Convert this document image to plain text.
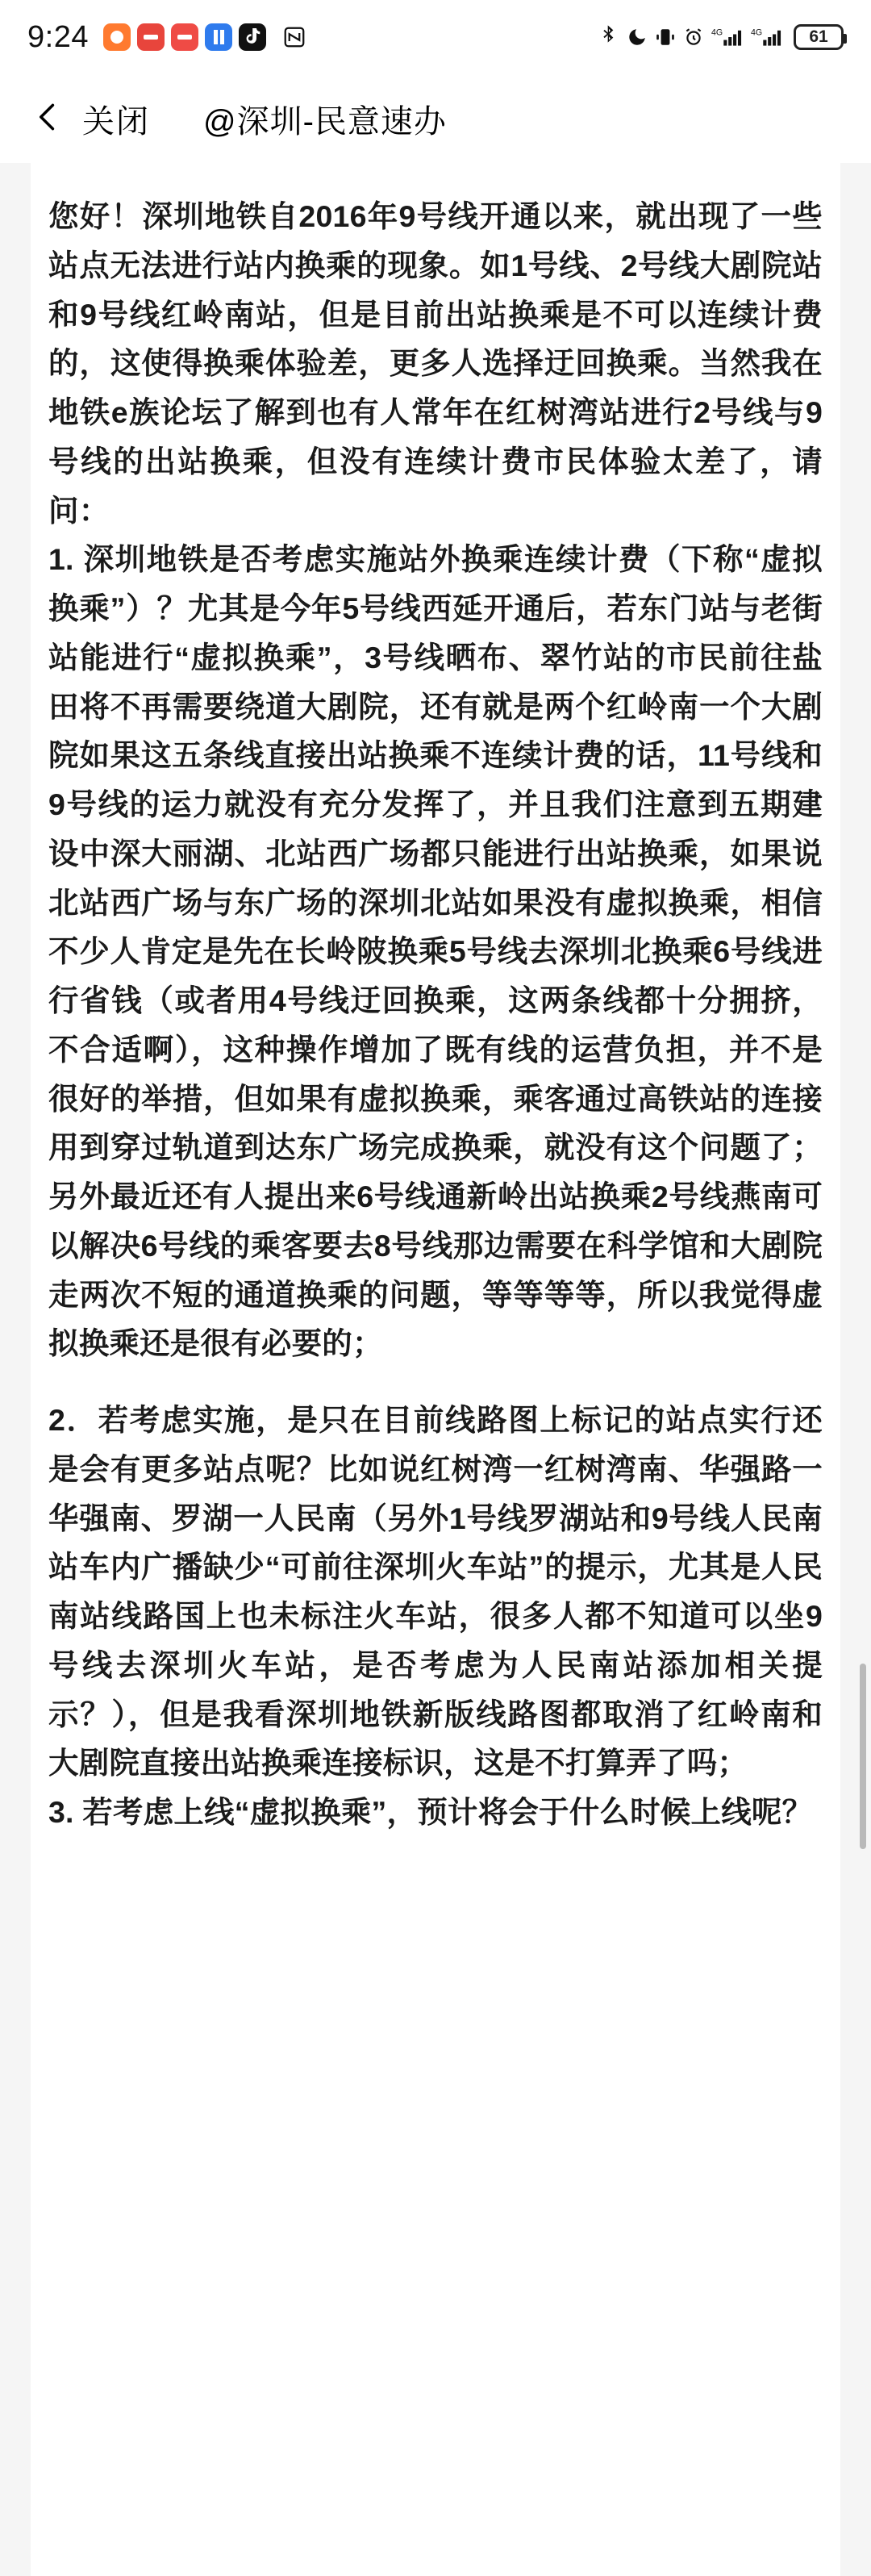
9:24	4G	4G	61
关闭 @深圳-民意速办

您好！深圳地铁自2016年9号线开通以来，就出现了一些站点无法进行站内换乘的现象。如1号线、2号线大剧院站和9号线红岭南站，但是目前出站换乘是不可以连续计费的，这使得换乘体验差，更多人选择迂回换乘。当然我在地铁e族论坛了解到也有人常年在红树湾站进行2号线与9号线的出站换乘，但没有连续计费市民体验太差了，请问：

1. 深圳地铁是否考虑实施站外换乘连续计费（下称“虚拟换乘”）？尤其是今年5号线西延开通后，若东门站与老街站能进行“虚拟换乘”，3号线晒布、翠竹站的市民前往盐田将不再需要绕道大剧院，还有就是两个红岭南一个大剧院如果这五条线直接出站换乘不连续计费的话，11号线和9号线的运力就没有充分发挥了，并且我们注意到五期建设中深大丽湖、北站西广场都只能进行出站换乘，如果说北站西广场与东广场的深圳北站如果没有虚拟换乘，相信不少人肯定是先在长岭陂换乘5号线去深圳北换乘6号线进行省钱（或者用4号线迂回换乘，这两条线都十分拥挤，不合适啊），这种操作增加了既有线的运营负担，并不是很好的举措，但如果有虚拟换乘，乘客通过高铁站的连接用到穿过轨道到达东广场完成换乘，就没有这个问题了；另外最近还有人提出来6号线通新岭出站换乘2号线燕南可以解决6号线的乘客要去8号线那边需要在科学馆和大剧院走两次不短的通道换乘的问题，等等等等，所以我觉得虚拟换乘还是很有必要的；

2．若考虑实施，是只在目前线路图上标记的站点实行还是会有更多站点呢？比如说红树湾一红树湾南、华强路一华强南、罗湖一人民南（另外1号线罗湖站和9号线人民南站车内广播缺少“可前往深圳火车站”的提示，尤其是人民南站线路国上也未标注火车站，很多人都不知道可以坐9号线去深圳火车站，是否考虑为人民南站添加相关提示？），但是我看深圳地铁新版线路图都取消了红岭南和大剧院直接出站换乘连接标识，这是不打算弄了吗；

3. 若考虑上线“虚拟换乘”，预计将会于什么时候上线呢？
